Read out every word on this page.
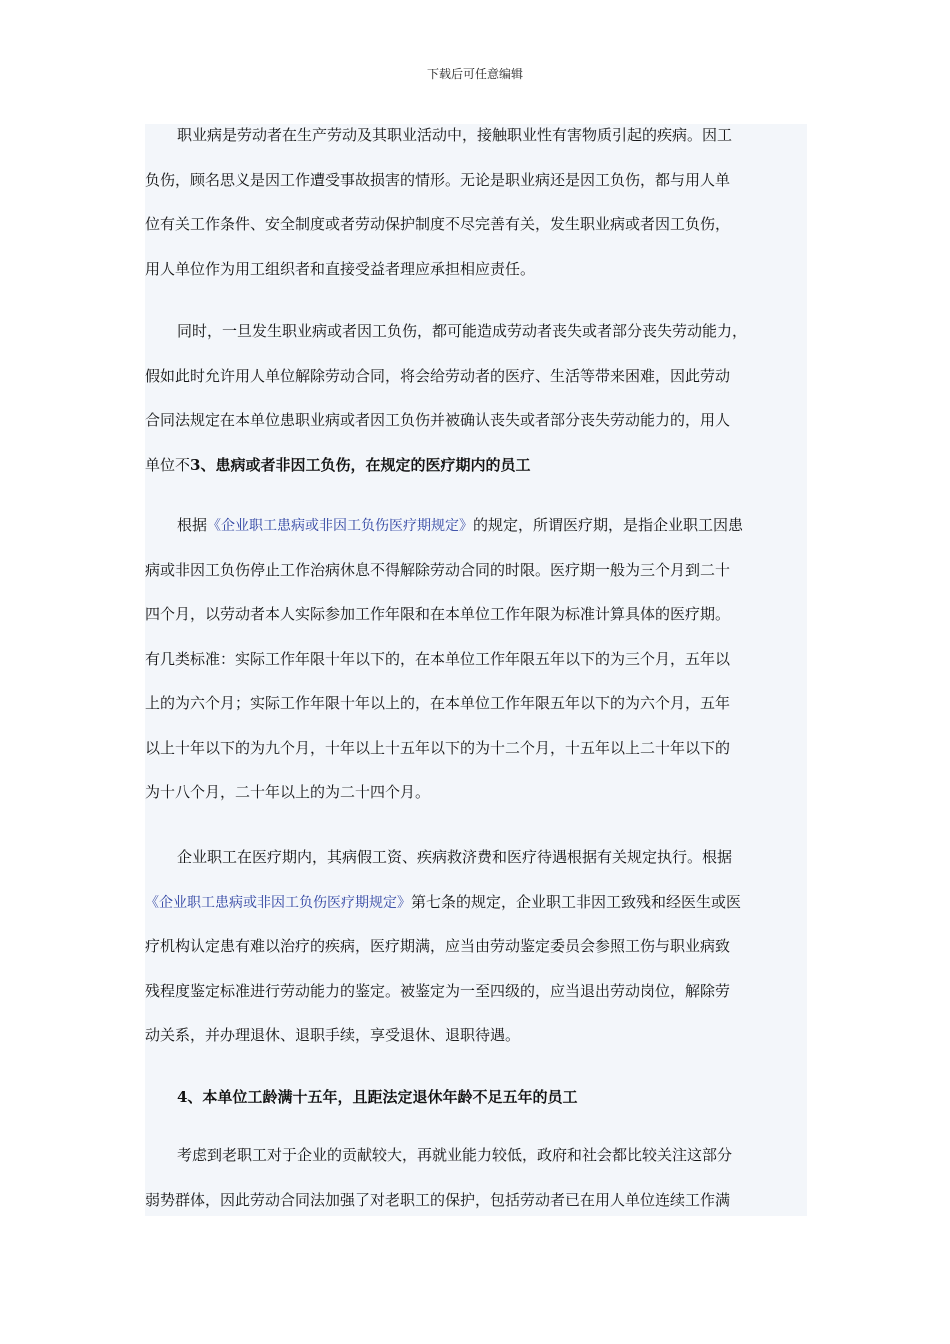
下载后可任意编辑
职业病是劳动者在生产劳动及其职业活动中，接触职业性有害物质引起的疾病。因工
负伤，顾名思义是因工作遭受事故损害的情形。无论是职业病还是因工负伤，都与用人单
位有关工作条件、安全制度或者劳动保护制度不尽完善有关，发生职业病或者因工负伤，
用人单位作为用工组织者和直接受益者理应承担相应责任。
同时，一旦发生职业病或者因工负伤，都可能造成劳动者丧失或者部分丧失劳动能力，
假如此时允许用人单位解除劳动合同，将会给劳动者的医疗、生活等带来困难，因此劳动
合同法规定在本单位患职业病或者因工负伤并被确认丧失或者部分丧失劳动能力的，用人
单位不3、患病或者非因工负伤，在规定的医疗期内的员工
根据《企业职工患病或非因工负伤医疗期规定》的规定，所谓医疗期，是指企业职工因患
病或非因工负伤停止工作治病休息不得解除劳动合同的时限。医疗期一般为三个月到二十
四个月，以劳动者本人实际参加工作年限和在本单位工作年限为标准计算具体的医疗期。
有几类标准：实际工作年限十年以下的，在本单位工作年限五年以下的为三个月，五年以
上的为六个月；实际工作年限十年以上的，在本单位工作年限五年以下的为六个月，五年
以上十年以下的为九个月，十年以上十五年以下的为十二个月，十五年以上二十年以下的
为十八个月，二十年以上的为二十四个月。
企业职工在医疗期内，其病假工资、疾病救济费和医疗待遇根据有关规定执行。根据
《企业职工患病或非因工负伤医疗期规定》第七条的规定，企业职工非因工致残和经医生或医
疗机构认定患有难以治疗的疾病，医疗期满，应当由劳动鉴定委员会参照工伤与职业病致
残程度鉴定标准进行劳动能力的鉴定。被鉴定为一至四级的，应当退出劳动岗位，解除劳
动关系，并办理退休、退职手续，享受退休、退职待遇。
4、本单位工龄满十五年，且距法定退休年龄不足五年的员工
考虑到老职工对于企业的贡献较大，再就业能力较低，政府和社会都比较关注这部分
弱势群体，因此劳动合同法加强了对老职工的保护，包括劳动者已在用人单位连续工作满
